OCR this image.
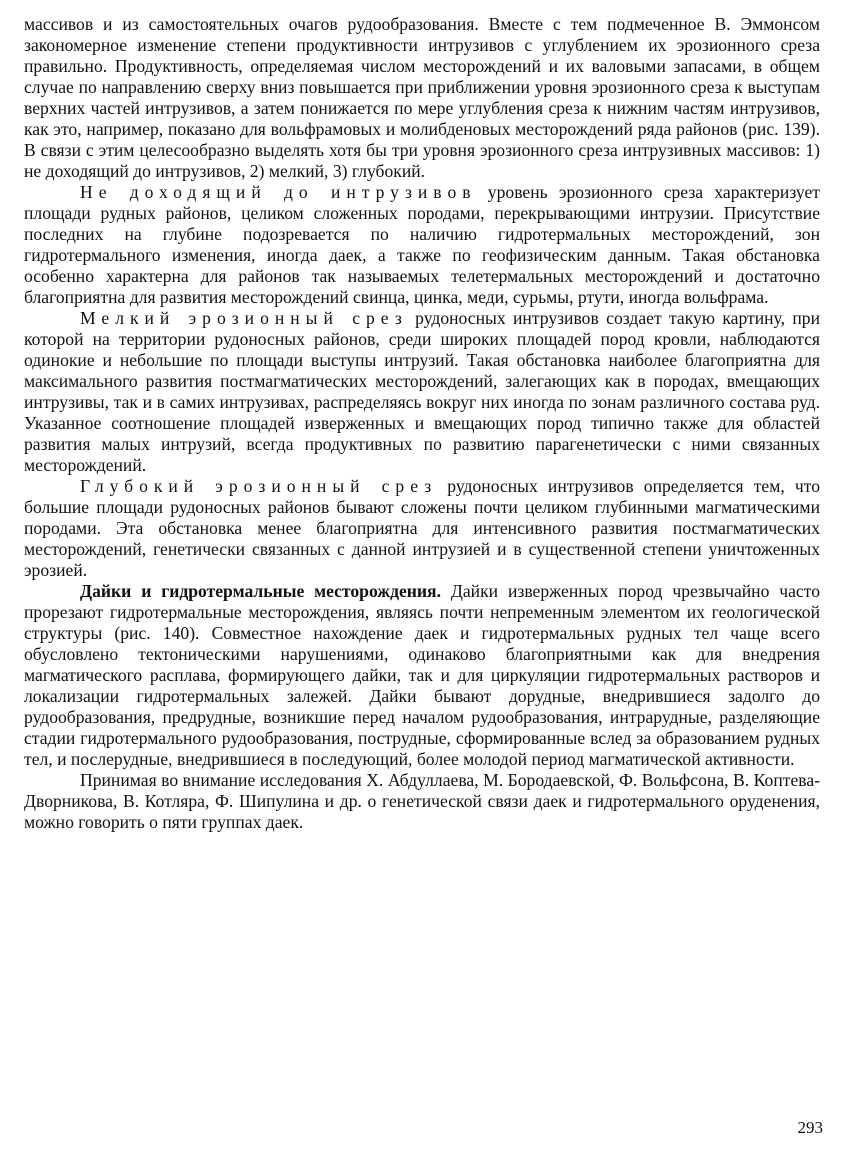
массивов и из самостоятельных очагов рудообразования. Вместе с тем подмеченное В. Эммонсом закономерное изменение степени продуктивности интрузивов с углублением их эрозионного среза правильно. Продуктивность, определяемая числом месторождений и их валовыми запасами, в общем случае по направлению сверху вниз повышается при приближении уровня эрозионного среза к выступам верхних частей интрузивов, а затем понижается по мере углубления среза к нижним частям интрузивов, как это, например, показано для вольфрамовых и молибденовых месторождений ряда районов (рис. 139). В связи с этим целесообразно выделять хотя бы три уровня эрозионного среза интрузивных массивов: 1) не доходящий до интрузивов, 2) мелкий, 3) глубокий.

Не доходящий до интрузивов уровень эрозионного среза характеризует площади рудных районов, целиком сложенных породами, перекрывающими интрузии. Присутствие последних на глубине подозревается по наличию гидротермальных месторождений, зон гидротермального изменения, иногда даек, а также по геофизическим данным. Такая обстановка особенно характерна для районов так называемых телетермальных месторождений и достаточно благоприятна для развития месторождений свинца, цинка, меди, сурьмы, ртути, иногда вольфрама.

Мелкий эрозионный срез рудоносных интрузивов создает такую картину, при которой на территории рудоносных районов, среди широких площадей пород кровли, наблюдаются одинокие и небольшие по площади выступы интрузий. Такая обстановка наиболее благоприятна для максимального развития постмагматических месторождений, залегающих как в породах, вмещающих интрузивы, так и в самих интрузивах, распределяясь вокруг них иногда по зонам различного состава руд. Указанное соотношение площадей изверженных и вмещающих пород типично также для областей развития малых интрузий, всегда продуктивных по развитию парагенетически с ними связанных месторождений.

Глубокий эрозионный срез рудоносных интрузивов определяется тем, что большие площади рудоносных районов бывают сложены почти целиком глубинными магматическими породами. Эта обстановка менее благоприятна для интенсивного развития постмагматических месторождений, генетически связанных с данной интрузией и в существенной степени уничтоженных эрозией.

Дайки и гидротермальные месторождения. Дайки изверженных пород чрезвычайно часто прорезают гидротермальные месторождения, являясь почти непременным элементом их геологической структуры (рис. 140). Совместное нахождение даек и гидротермальных рудных тел чаще всего обусловлено тектоническими нарушениями, одинаково благоприятными как для внедрения магматического расплава, формирующего дайки, так и для циркуляции гидротермальных растворов и локализации гидротермальных залежей. Дайки бывают дорудные, внедрившиеся задолго до рудообразования, предрудные, возникшие перед началом рудообразования, интрарудные, разделяющие стадии гидротермального рудообразования, пострудные, сформированные вслед за образованием рудных тел, и послерудные, внедрившиеся в последующий, более молодой период магматической активности.

Принимая во внимание исследования Х. Абдуллаева, М. Бородаевской, Ф. Вольфсона, В. Коптева-Дворникова, В. Котляра, Ф. Шипулина и др. о генетической связи даек и гидротермального оруденения, можно говорить о пяти группах даек.

293
